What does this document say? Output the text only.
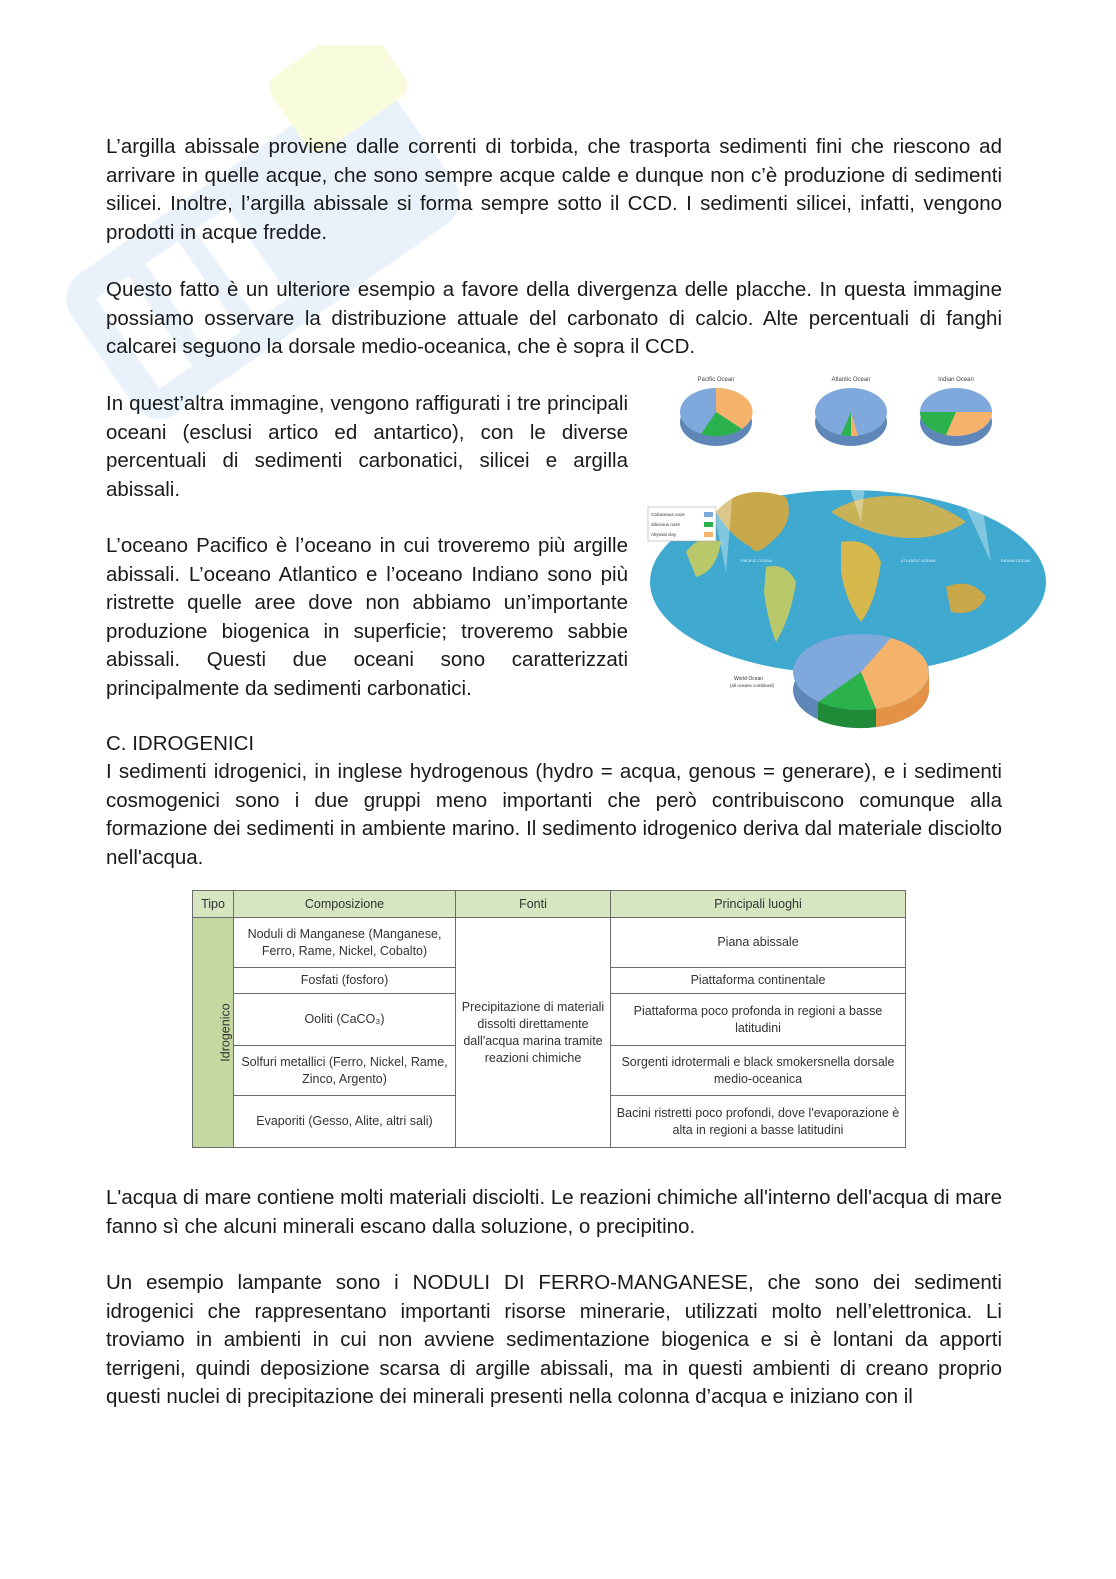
L’argilla abissale proviene dalle correnti di torbida, che trasporta sedimenti fini che riescono ad arrivare in quelle acque, che sono sempre acque calde e dunque non c’è produzione di sedimenti silicei. Inoltre, l’argilla abissale si forma sempre sotto il CCD. I sedimenti silicei, infatti, vengono prodotti in acque fredde.

Questo fatto è un ulteriore esempio a favore della divergenza delle placche. In questa immagine possiamo osservare la distribuzione attuale del carbonato di calcio. Alte percentuali di fanghi calcarei seguono la dorsale medio-oceanica, che è sopra il CCD.

In quest’altra immagine, vengono raffigurati i tre principali oceani (esclusi artico ed antartico), con le diverse percentuali di sedimenti carbonatici, silicei e argilla abissali.

L’oceano Pacifico è l’oceano in cui troveremo più argille abissali. L’oceano Atlantico e l’oceano Indiano sono più ristrette quelle aree dove non abbiamo un’importante produzione biogenica in superficie; troveremo sabbie abissali. Questi due oceani sono caratterizzati principalmente da sedimenti carbonatici.

Pacific Ocean	Atlantic Ocean	Indian Ocean
Calcareous ooze
Siliceous ooze
Abyssal clay
PACIFIC OCEAN	ATLANTIC OCEAN	INDIAN OCEAN
World Ocean
(all oceans combined)
C. IDROGENICI

I sedimenti idrogenici, in inglese hydrogenous (hydro = acqua, genous = generare), e i sedimenti cosmogenici sono i due gruppi meno importanti che però contribuiscono comunque alla formazione dei sedimenti in ambiente marino. Il sedimento idrogenico deriva dal materiale disciolto nell'acqua.

Tipo	Composizione	Fonti	Principali luoghi
Idrogenico	Noduli di Manganese (Manganese, Ferro, Rame, Nickel, Cobalto)	Precipitazione di materiali dissolti direttamente dall'acqua marina tramite reazioni chimiche	Piana abissale
	Fosfati (fosforo)		Piattaforma continentale
	Ooliti (CaCO₃)		Piattaforma poco profonda in regioni a basse latitudini
	Solfuri metallici (Ferro, Nickel, Rame, Zinco, Argento)		Sorgenti idrotermali e black smokersnella dorsale medio-oceanica
	Evaporiti (Gesso, Alite, altri sali)		Bacini ristretti poco profondi, dove l'evaporazione è alta in regioni a basse latitudini

L'acqua di mare contiene molti materiali disciolti. Le reazioni chimiche all'interno dell'acqua di mare fanno sì che alcuni minerali escano dalla soluzione, o precipitino.

Un esempio lampante sono i NODULI DI FERRO-MANGANESE, che sono dei sedimenti idrogenici che rappresentano importanti risorse minerarie, utilizzati molto nell’elettronica. Li troviamo in ambienti in cui non avviene sedimentazione biogenica e si è lontani da apporti terrigeni, quindi deposizione scarsa di argille abissali, ma in questi ambienti di creano proprio questi nuclei di precipitazione dei minerali presenti nella colonna d’acqua e iniziano con il
